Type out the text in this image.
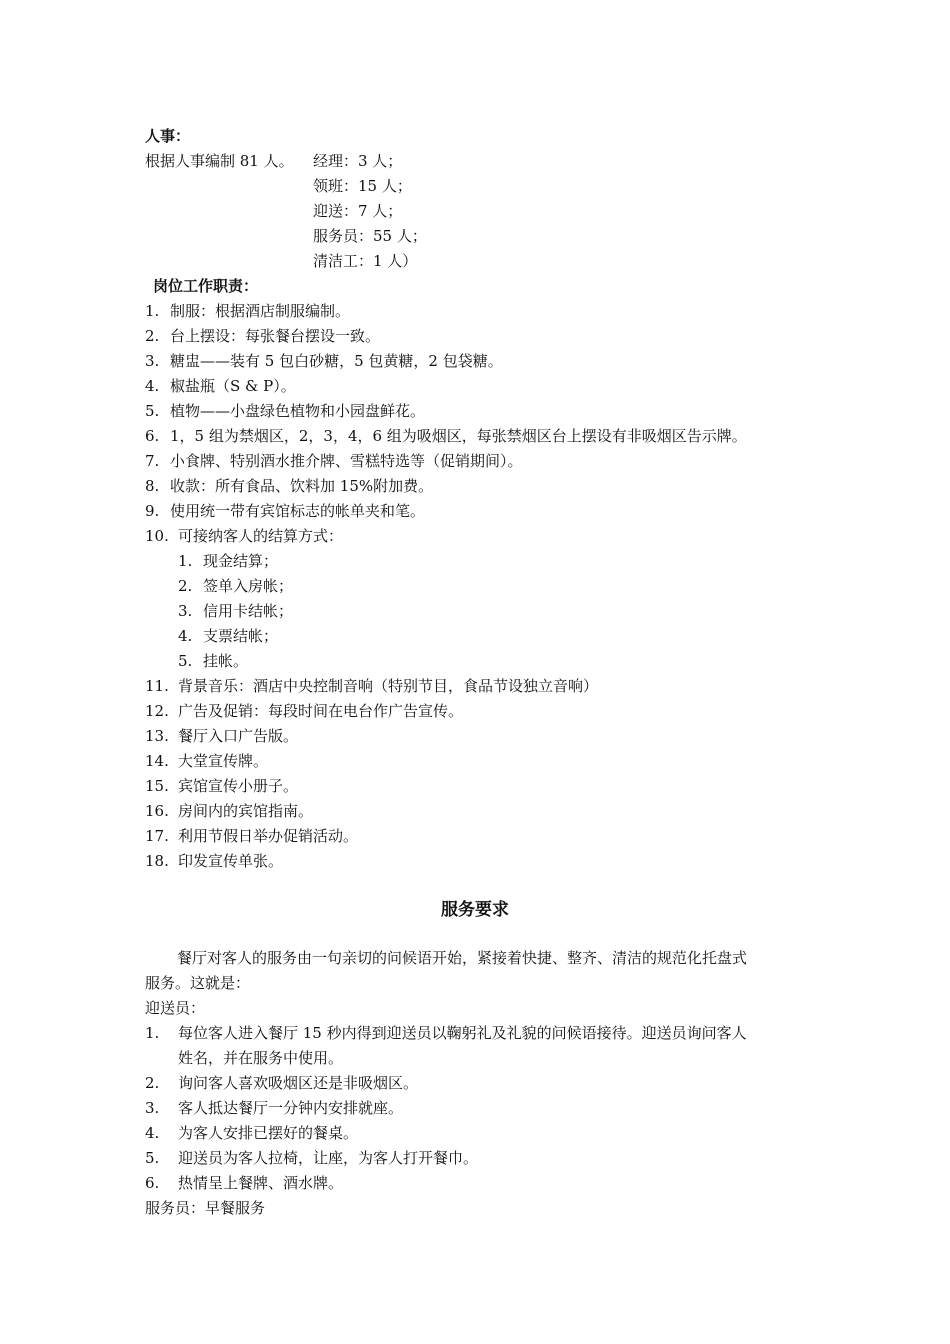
人事：
根据人事编制 81 人。 经理：3 人；
领班：15 人；
迎送：7 人；
服务员：55 人；
清洁工：1 人）
岗位工作职责：
1. 制服：根据酒店制服编制。
2. 台上摆设：每张餐台摆设一致。
3. 糖盅——装有 5 包白砂糖，5 包黄糖，2 包袋糖。
4. 椒盐瓶（S & P）。
5. 植物——小盘绿色植物和小园盘鲜花。
6. 1，5 组为禁烟区，2，3，4，6 组为吸烟区，每张禁烟区台上摆设有非吸烟区告示牌。
7. 小食牌、特别酒水推介牌、雪糕特选等（促销期间）。
8. 收款：所有食品、饮料加 15%附加费。
9. 使用统一带有宾馆标志的帐单夹和笔。
10. 可接纳客人的结算方式：
1. 现金结算；
2. 签单入房帐；
3. 信用卡结帐；
4. 支票结帐；
5. 挂帐。
11. 背景音乐：酒店中央控制音响（特别节目，食品节设独立音响）
12. 广告及促销：每段时间在电台作广告宣传。
13. 餐厅入口广告版。
14. 大堂宣传牌。
15. 宾馆宣传小册子。
16. 房间内的宾馆指南。
17. 利用节假日举办促销活动。
18. 印发宣传单张。
服务要求
餐厅对客人的服务由一句亲切的问候语开始，紧接着快捷、整齐、清洁的规范化托盘式
服务。这就是：
迎送员：
1. 每位客人进入餐厅 15 秒内得到迎送员以鞠躬礼及礼貌的问候语接待。迎送员询问客人
姓名，并在服务中使用。
2. 询问客人喜欢吸烟区还是非吸烟区。
3. 客人抵达餐厅一分钟内安排就座。
4. 为客人安排已摆好的餐桌。
5. 迎送员为客人拉椅，让座，为客人打开餐巾。
6. 热情呈上餐牌、酒水牌。
服务员：早餐服务
